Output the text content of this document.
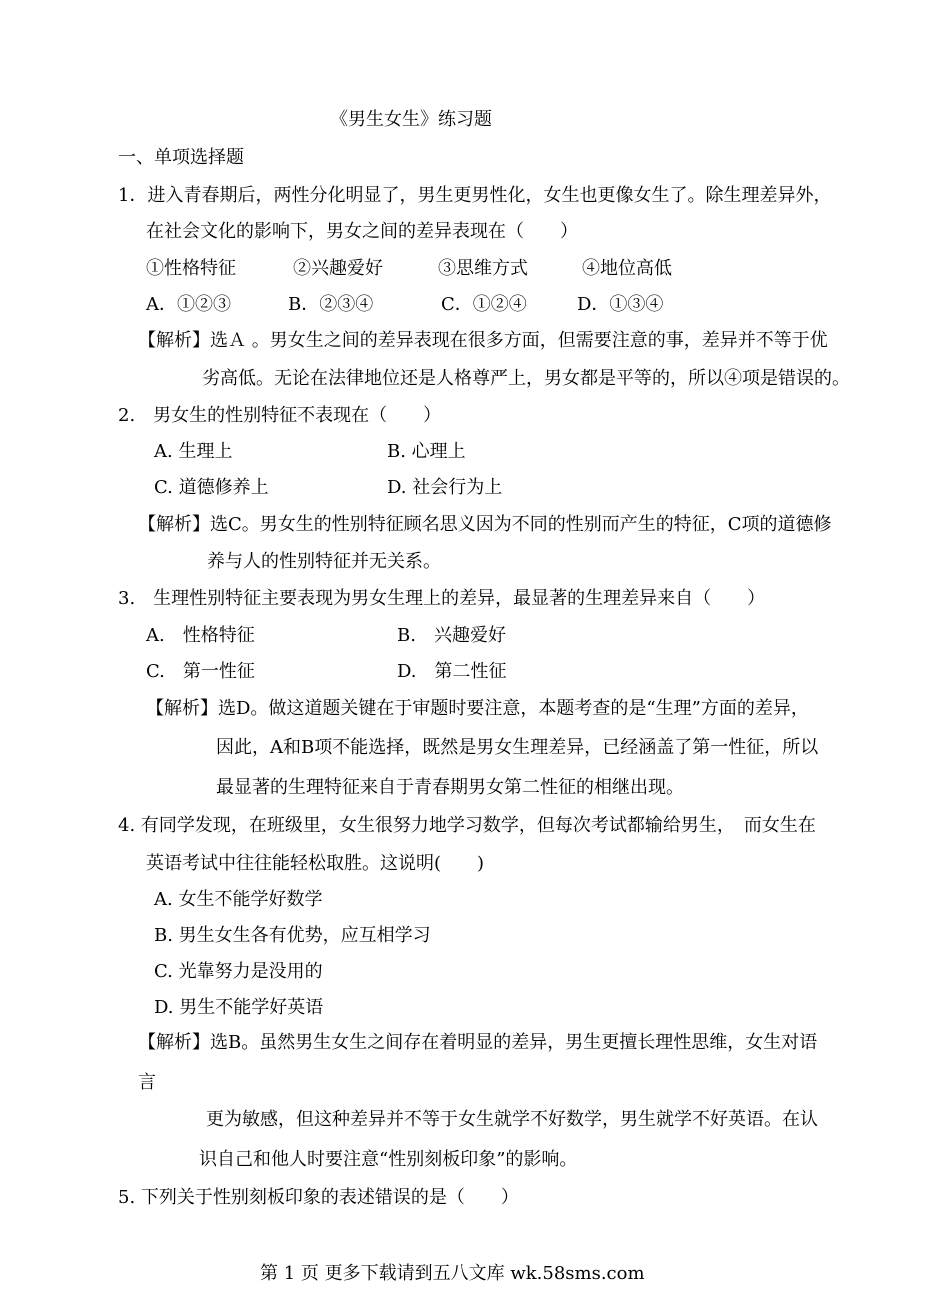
《男生女生》练习题
一、单项选择题
1．进入青春期后，两性分化明显了，男生更男性化，女生也更像女生了。除生理差异外，
在社会文化的影响下，男女之间的差异表现在（　　）
①性格特征	②兴趣爱好	③思维方式	④地位高低
A．①②③	B．②③④	C．①②④	D．①③④
【解析】选Ａ 。男女生之间的差异表现在很多方面，但需要注意的事，差异并不等于优
劣高低。无论在法律地位还是人格尊严上，男女都是平等的，所以④项是错误的。
2.　男女生的性别特征不表现在（　　）
A. 生理上	B. 心理上
C. 道德修养上	D. 社会行为上
【解析】选C。男女生的性别特征顾名思义因为不同的性别而产生的特征，C项的道德修
养与人的性别特征并无关系。
3.　生理性别特征主要表现为男女生理上的差异，最显著的生理差异来自（　　）
A.　性格特征	B.　兴趣爱好
C.　第一性征	D.　第二性征
【解析】选D。做这道题关键在于审题时要注意，本题考查的是“生理”方面的差异，
因此，A和B项不能选择，既然是男女生理差异，已经涵盖了第一性征，所以
最显著的生理特征来自于青春期男女第二性征的相继出现。
4. 有同学发现，在班级里，女生很努力地学习数学，但每次考试都输给男生，　而女生在
英语考试中往往能轻松取胜。这说明(　　)
A. 女生不能学好数学
B. 男生女生各有优势，应互相学习
C. 光靠努力是没用的
D. 男生不能学好英语
【解析】选B。虽然男生女生之间存在着明显的差异，男生更擅长理性思维，女生对语
言
更为敏感，但这种差异并不等于女生就学不好数学，男生就学不好英语。在认
识自己和他人时要注意“性别刻板印象”的影响。
5. 下列关于性别刻板印象的表述错误的是（　　）
第 1 页 更多下载请到五八文库 wk.58sms.com
